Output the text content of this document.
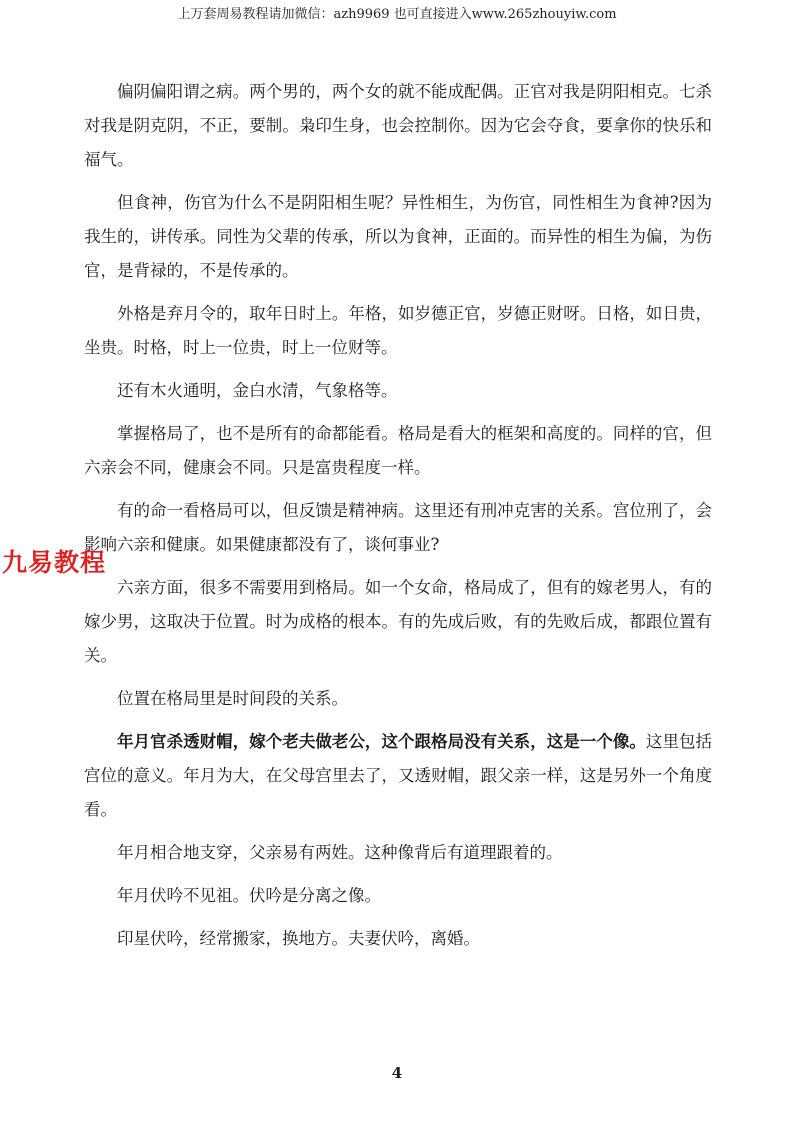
上万套周易教程请加微信：azh9969 也可直接进入www.265zhouyiw.com

偏阴偏阳谓之病。两个男的，两个女的就不能成配偶。正官对我是阴阳相克。七杀对我是阴克阴，不正，要制。枭印生身，也会控制你。因为它会夺食，要拿你的快乐和福气。

但食神，伤官为什么不是阴阳相生呢？异性相生，为伤官，同性相生为食神?因为我生的，讲传承。同性为父辈的传承，所以为食神，正面的。而异性的相生为偏，为伤官，是背禄的，不是传承的。

外格是弃月令的，取年日时上。年格，如岁德正官，岁德正财呀。日格，如日贵，坐贵。时格，时上一位贵，时上一位财等。

还有木火通明，金白水清，气象格等。

掌握格局了，也不是所有的命都能看。格局是看大的框架和高度的。同样的官，但六亲会不同，健康会不同。只是富贵程度一样。

有的命一看格局可以，但反馈是精神病。这里还有刑冲克害的关系。宫位刑了，会影响六亲和健康。如果健康都没有了，谈何事业?

六亲方面，很多不需要用到格局。如一个女命，格局成了，但有的嫁老男人，有的嫁少男，这取决于位置。时为成格的根本。有的先成后败，有的先败后成，都跟位置有关。

位置在格局里是时间段的关系。

年月官杀透财帽，嫁个老夫做老公，这个跟格局没有关系，这是一个像。这里包括宫位的意义。年月为大，在父母宫里去了，又透财帽，跟父亲一样，这是另外一个角度看。

年月相合地支穿，父亲易有两姓。这种像背后有道理跟着的。

年月伏吟不见祖。伏吟是分离之像。

印星伏吟，经常搬家，换地方。夫妻伏吟，离婚。

九易教程
4
